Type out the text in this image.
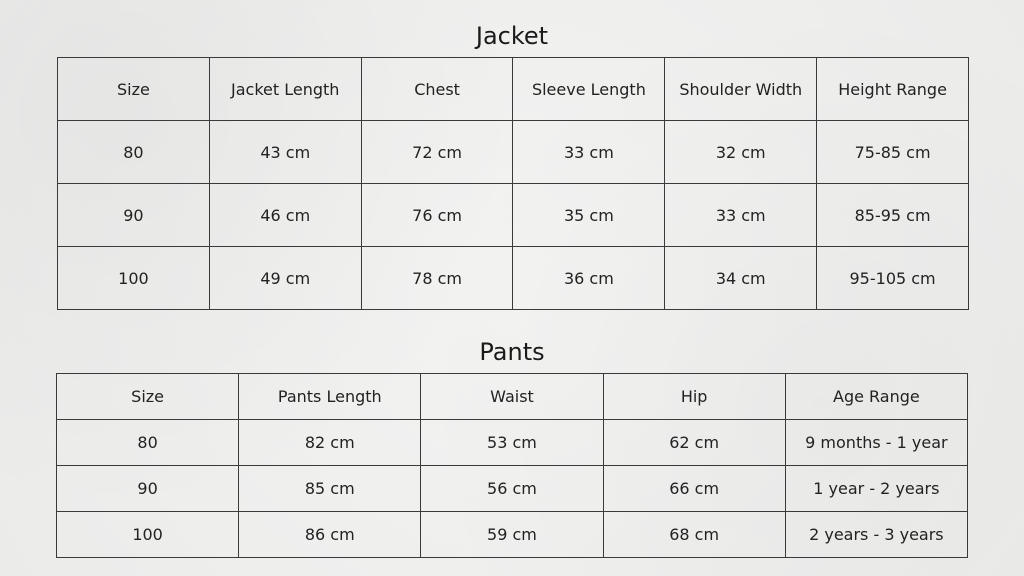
Jacket
Size	Jacket Length	Chest	Sleeve Length	Shoulder Width	Height Range
80	43 cm	72 cm	33 cm	32 cm	75-85 cm
90	46 cm	76 cm	35 cm	33 cm	85-95 cm
100	49 cm	78 cm	36 cm	34 cm	95-105 cm
Pants
Size	Pants Length	Waist	Hip	Age Range
80	82 cm	53 cm	62 cm	9 months - 1 year
90	85 cm	56 cm	66 cm	1 year - 2 years
100	86 cm	59 cm	68 cm	2 years - 3 years
